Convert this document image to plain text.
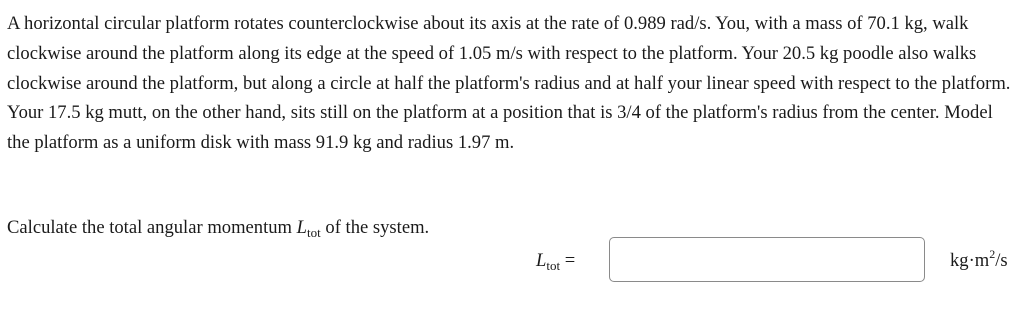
A horizontal circular platform rotates counterclockwise about its axis at the rate of 0.989 rad/s. You, with a mass of 70.1 kg, walk clockwise around the platform along its edge at the speed of 1.05 m/s with respect to the platform. Your 20.5 kg poodle also walks clockwise around the platform, but along a circle at half the platform's radius and at half your linear speed with respect to the platform. Your 17.5 kg mutt, on the other hand, sits still on the platform at a position that is 3/4 of the platform's radius from the center. Model the platform as a uniform disk with mass 91.9 kg and radius 1.97 m.

Calculate the total angular momentum $L_{tot}$ of the system.

$L_{tot}$ =	$kg\cdot m^2/s$
